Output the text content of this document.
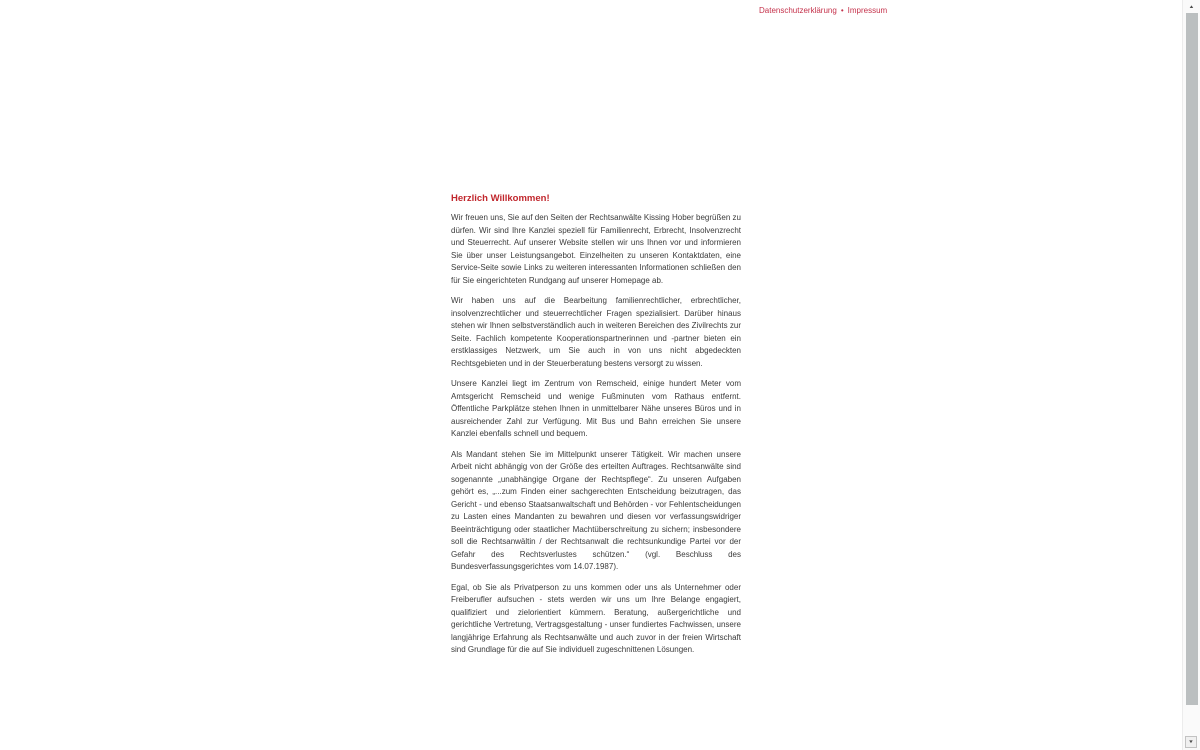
Datenschutzerklärung • Impressum
Herzlich Willkommen!

Wir freuen uns, Sie auf den Seiten der Rechtsanwälte Kissing Hober begrüßen zu dürfen. Wir sind Ihre Kanzlei speziell für Familienrecht, Erbrecht, Insolvenzrecht und Steuerrecht. Auf unserer Website stellen wir uns Ihnen vor und informieren Sie über unser Leistungsangebot. Einzelheiten zu unseren Kontaktdaten, eine Service-Seite sowie Links zu weiteren interessanten Informationen schließen den für Sie eingerichteten Rundgang auf unserer Homepage ab.

Wir haben uns auf die Bearbeitung familienrechtlicher, erbrechtlicher, insolvenzrechtlicher und steuerrechtlicher Fragen spezialisiert. Darüber hinaus stehen wir Ihnen selbstverständlich auch in weiteren Bereichen des Zivilrechts zur Seite. Fachlich kompetente Kooperationspartnerinnen und -partner bieten ein erstklassiges Netzwerk, um Sie auch in von uns nicht abgedeckten Rechtsgebieten und in der Steuerberatung bestens versorgt zu wissen.

Unsere Kanzlei liegt im Zentrum von Remscheid, einige hundert Meter vom Amtsgericht Remscheid und wenige Fußminuten vom Rathaus entfernt. Öffentliche Parkplätze stehen Ihnen in unmittelbarer Nähe unseres Büros und in ausreichender Zahl zur Verfügung. Mit Bus und Bahn erreichen Sie unsere Kanzlei ebenfalls schnell und bequem.

Als Mandant stehen Sie im Mittelpunkt unserer Tätigkeit. Wir machen unsere Arbeit nicht abhängig von der Größe des erteilten Auftrages. Rechtsanwälte sind sogenannte „unabhängige Organe der Rechtspflege“. Zu unseren Aufgaben gehört es, „...zum Finden einer sachgerechten Entscheidung beizutragen, das Gericht - und ebenso Staatsanwaltschaft und Behörden - vor Fehlentscheidungen zu Lasten eines Mandanten zu bewahren und diesen vor verfassungswidriger Beeinträchtigung oder staatlicher Machtüberschreitung zu sichern; insbesondere soll die Rechtsanwältin / der Rechtsanwalt die rechtsunkundige Partei vor der Gefahr des Rechtsverlustes schützen.“ (vgl. Beschluss des Bundesverfassungsgerichtes vom 14.07.1987).

Egal, ob Sie als Privatperson zu uns kommen oder uns als Unternehmer oder Freiberufler aufsuchen - stets werden wir uns um Ihre Belange engagiert, qualifiziert und zielorientiert kümmern. Beratung, außergerichtliche und gerichtliche Vertretung, Vertragsgestaltung - unser fundiertes Fachwissen, unsere langjährige Erfahrung als Rechtsanwälte und auch zuvor in der freien Wirtschaft sind Grundlage für die auf Sie individuell zugeschnittenen Lösungen.

▲
▼
